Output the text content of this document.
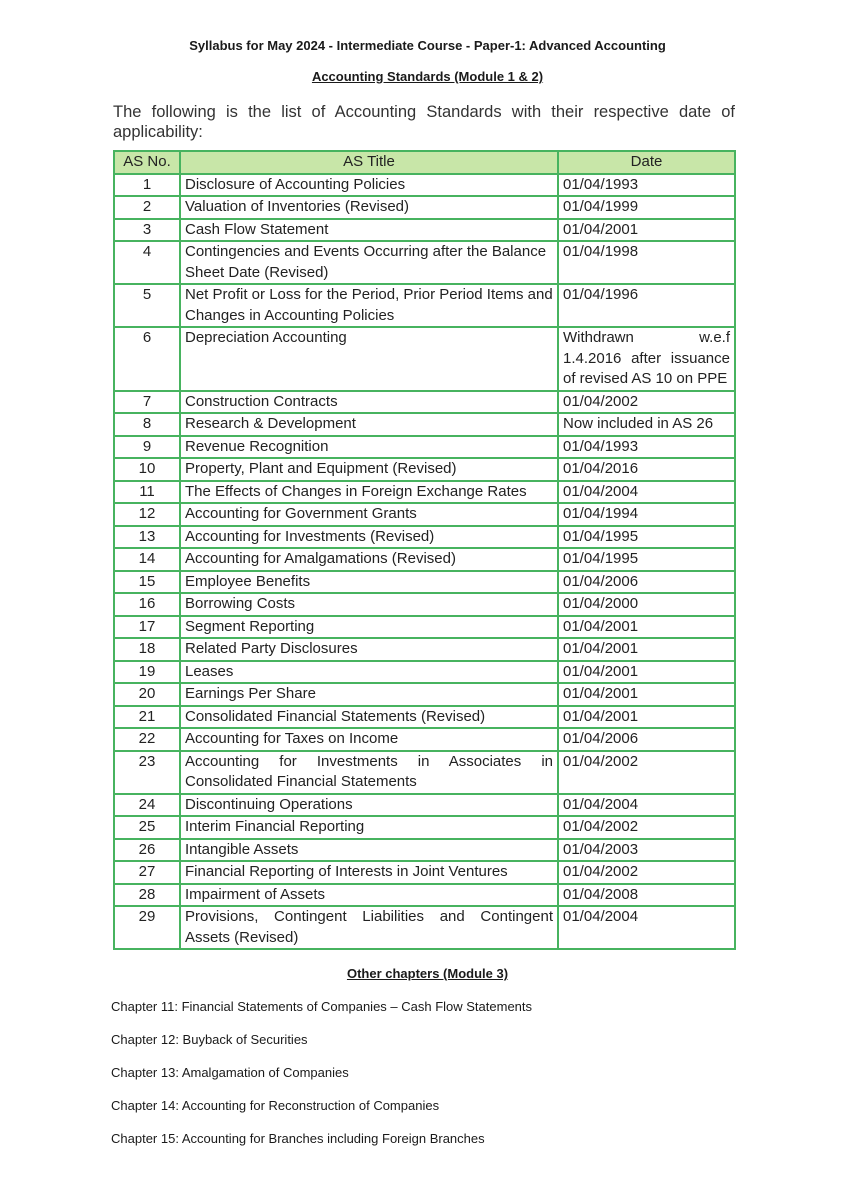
Syllabus for May 2024 - Intermediate Course - Paper-1: Advanced Accounting
Accounting Standards (Module 1 & 2)
The following is the list of Accounting Standards with their respective date of applicability:
AS No.	AS Title	Date
1	Disclosure of Accounting Policies	01/04/1993
2	Valuation of Inventories (Revised)	01/04/1999
3	Cash Flow Statement	01/04/2001
4	Contingencies and Events Occurring after the Balance Sheet Date (Revised)	01/04/1998
5	Net Profit or Loss for the Period, Prior Period Items and Changes in Accounting Policies	01/04/1996
6	Depreciation Accounting	Withdrawn w.e.f 1.4.2016 after issuance of revised AS 10 on PPE
7	Construction Contracts	01/04/2002
8	Research & Development	Now included in AS 26
9	Revenue Recognition	01/04/1993
10	Property, Plant and Equipment (Revised)	01/04/2016
11	The Effects of Changes in Foreign Exchange Rates	01/04/2004
12	Accounting for Government Grants	01/04/1994
13	Accounting for Investments (Revised)	01/04/1995
14	Accounting for Amalgamations (Revised)	01/04/1995
15	Employee Benefits	01/04/2006
16	Borrowing Costs	01/04/2000
17	Segment Reporting	01/04/2001
18	Related Party Disclosures	01/04/2001
19	Leases	01/04/2001
20	Earnings Per Share	01/04/2001
21	Consolidated Financial Statements (Revised)	01/04/2001
22	Accounting for Taxes on Income	01/04/2006
23	Accounting for Investments in Associates in Consolidated Financial Statements	01/04/2002
24	Discontinuing Operations	01/04/2004
25	Interim Financial Reporting	01/04/2002
26	Intangible Assets	01/04/2003
27	Financial Reporting of Interests in Joint Ventures	01/04/2002
28	Impairment of Assets	01/04/2008
29	Provisions, Contingent Liabilities and Contingent Assets (Revised)	01/04/2004
Other chapters (Module 3)
Chapter 11: Financial Statements of Companies – Cash Flow Statements
Chapter 12: Buyback of Securities
Chapter 13: Amalgamation of Companies
Chapter 14: Accounting for Reconstruction of Companies
Chapter 15: Accounting for Branches including Foreign Branches
